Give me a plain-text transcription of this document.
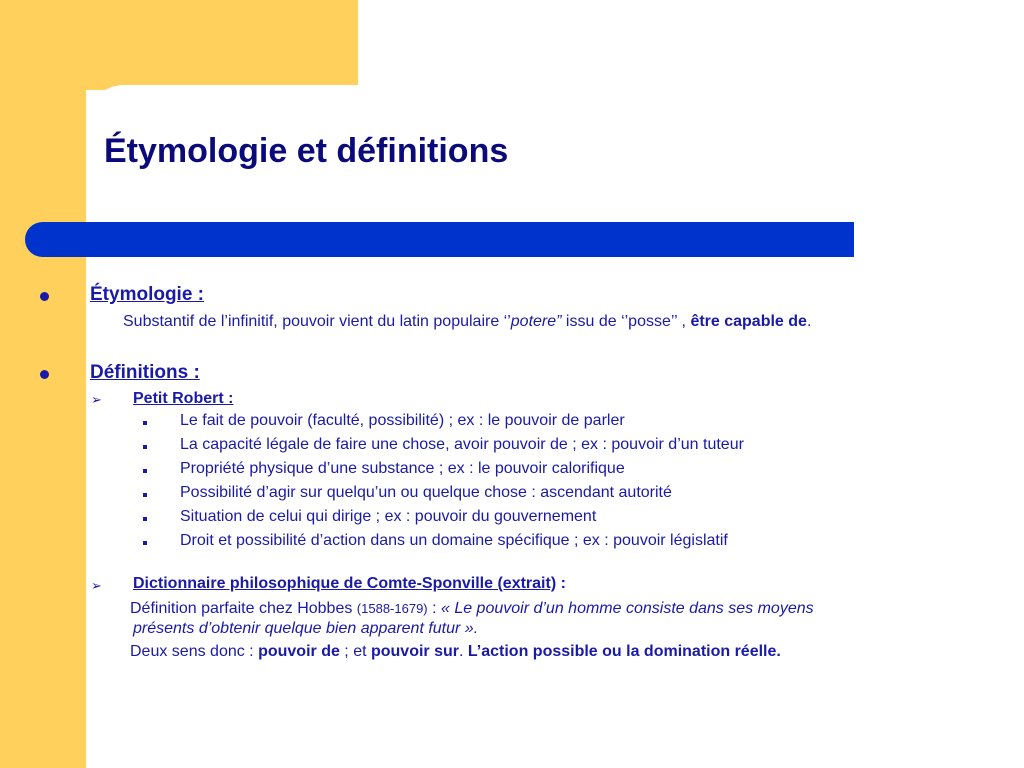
Étymologie et définitions
Étymologie :
Substantif de l’infinitif, pouvoir vient du latin populaire ‘’potere” issu de ‘’posse’’ , être capable de.
Définitions :
➢ Petit Robert :
Le fait de pouvoir (faculté, possibilité) ; ex : le pouvoir de parler
La capacité légale de faire une chose, avoir pouvoir de ; ex : pouvoir d’un tuteur
Propriété physique d’une substance ; ex : le pouvoir calorifique
Possibilité d’agir sur quelqu’un ou quelque chose : ascendant autorité
Situation de celui qui dirige ; ex : pouvoir du gouvernement
Droit et possibilité d’action dans un domaine spécifique ; ex : pouvoir législatif
➢ Dictionnaire philosophique de Comte-Sponville (extrait) :
Définition parfaite chez Hobbes (1588-1679) : « Le pouvoir d’un homme consiste dans ses moyens
présents d’obtenir quelque bien apparent futur ».
Deux sens donc : pouvoir de ; et pouvoir sur. L’action possible ou la domination réelle.
